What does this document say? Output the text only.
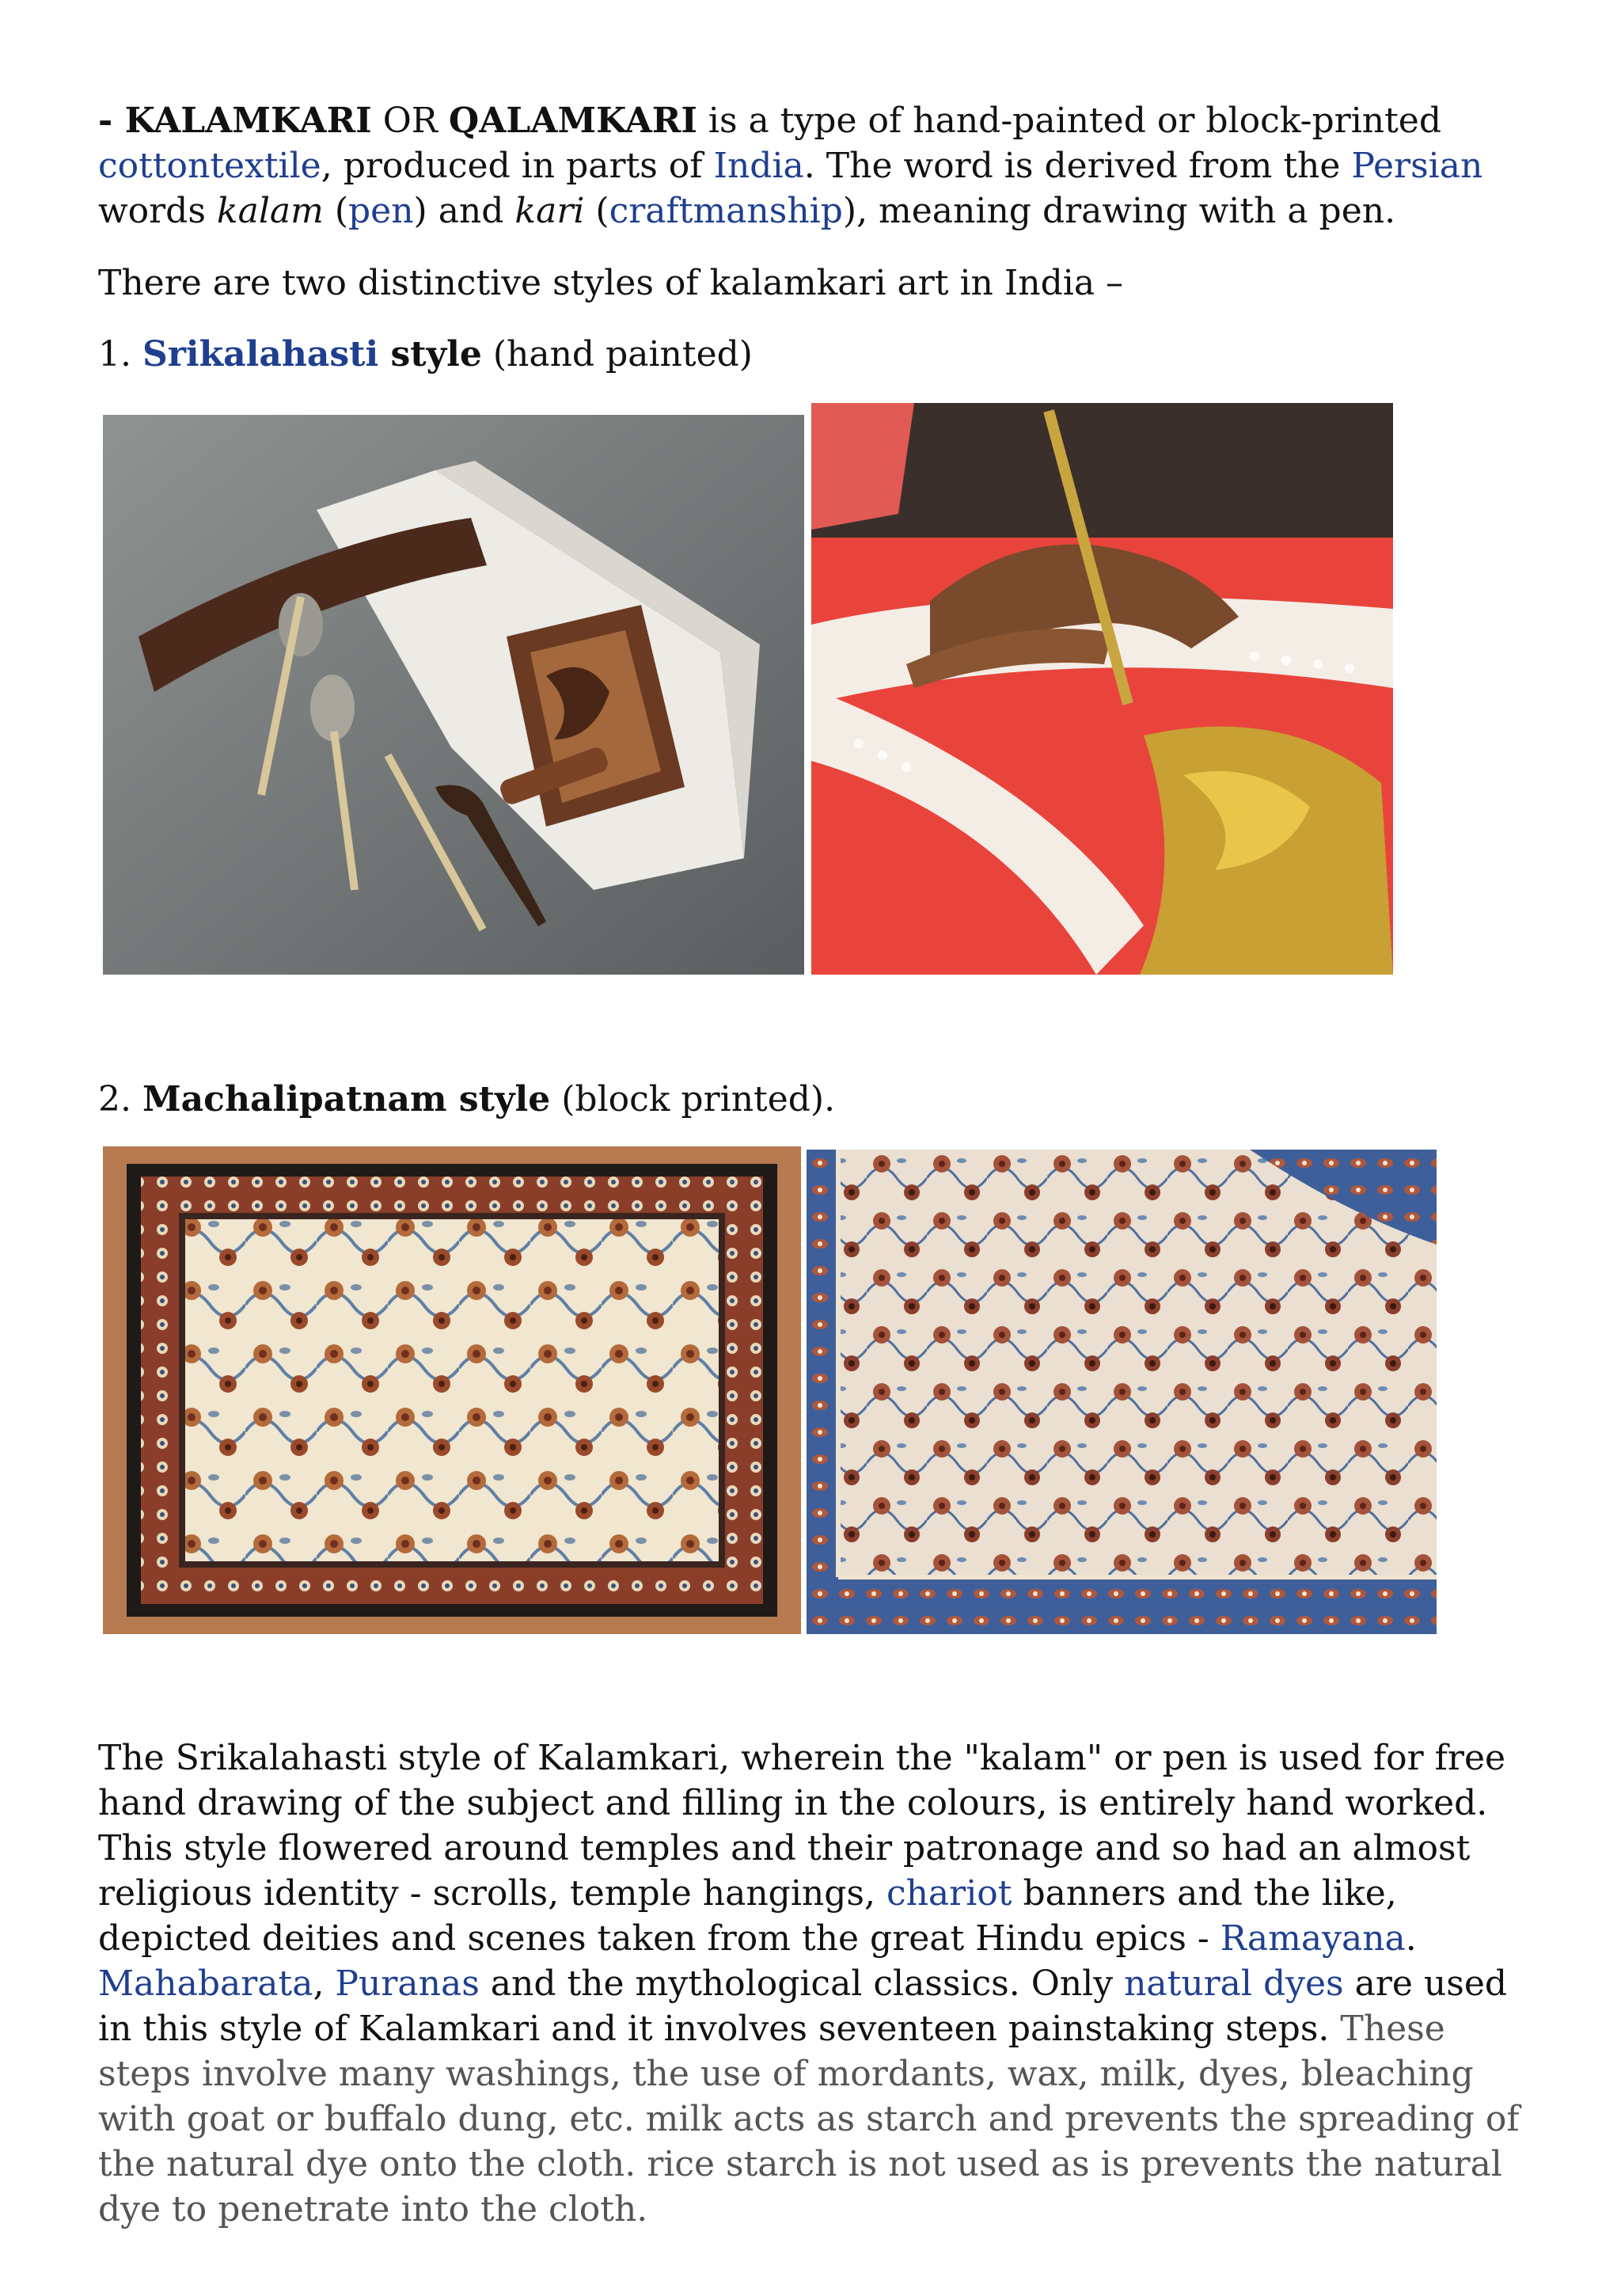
- KALAMKARI OR QALAMKARI is a type of hand-painted or block-printed cottontextile, produced in parts of India. The word is derived from the Persian words kalam (pen) and kari (craftmanship), meaning drawing with a pen.

There are two distinctive styles of kalamkari art in India –

1. Srikalahasti style (hand painted)

2. Machalipatnam style (block printed).

The Srikalahasti style of Kalamkari, wherein the "kalam" or pen is used for free hand drawing of the subject and filling in the colours, is entirely hand worked. This style flowered around temples and their patronage and so had an almost religious identity - scrolls, temple hangings, chariot banners and the like, depicted deities and scenes taken from the great Hindu epics - Ramayana. Mahabarata, Puranas and the mythological classics. Only natural dyes are used in this style of Kalamkari and it involves seventeen painstaking steps. These steps involve many washings, the use of mordants, wax, milk, dyes, bleaching with goat or buffalo dung, etc. milk acts as starch and prevents the spreading of the natural dye onto the cloth. rice starch is not used as is prevents the natural dye to penetrate into the cloth.
